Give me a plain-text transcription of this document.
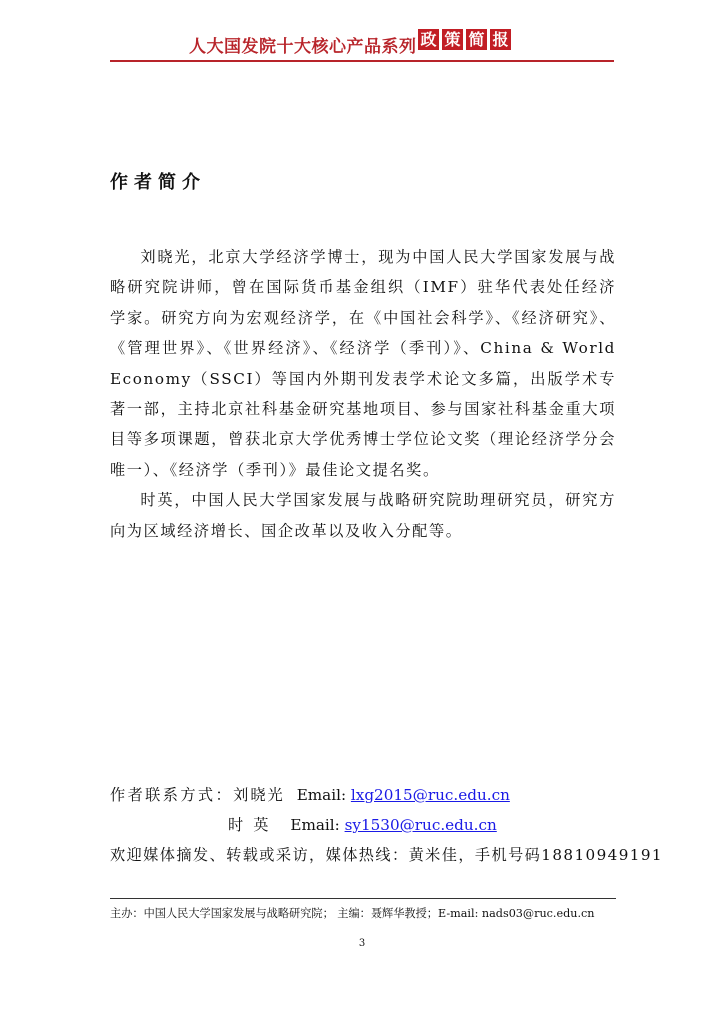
人大国发院十大核心产品系列 政 策 简 报
作者简介

刘晓光，北京大学经济学博士，现为中国人民大学国家发展与战略研究院讲师，曾在国际货币基金组织（IMF）驻华代表处任经济学家。研究方向为宏观经济学，在《中国社会科学》、《经济研究》、《管理世界》、《世界经济》、《经济学（季刊）》、China & World Economy（SSCI）等国内外期刊发表学术论文多篇，出版学术专著一部，主持北京社科基金研究基地项目、参与国家社科基金重大项目等多项课题，曾获北京大学优秀博士学位论文奖（理论经济学分会唯一）、《经济学（季刊）》最佳论文提名奖。

时英，中国人民大学国家发展与战略研究院助理研究员，研究方向为区域经济增长、国企改革以及收入分配等。

作者联系方式：刘晓光 Email: lxg2015@ruc.edu.cn
时英 Email: sy1530@ruc.edu.cn
欢迎媒体摘发、转载或采访，媒体热线：黄米佳，手机号码18810949191
主办：中国人民大学国家发展与战略研究院； 主编：聂辉华教授；E-mail: nads03@ruc.edu.cn
3
